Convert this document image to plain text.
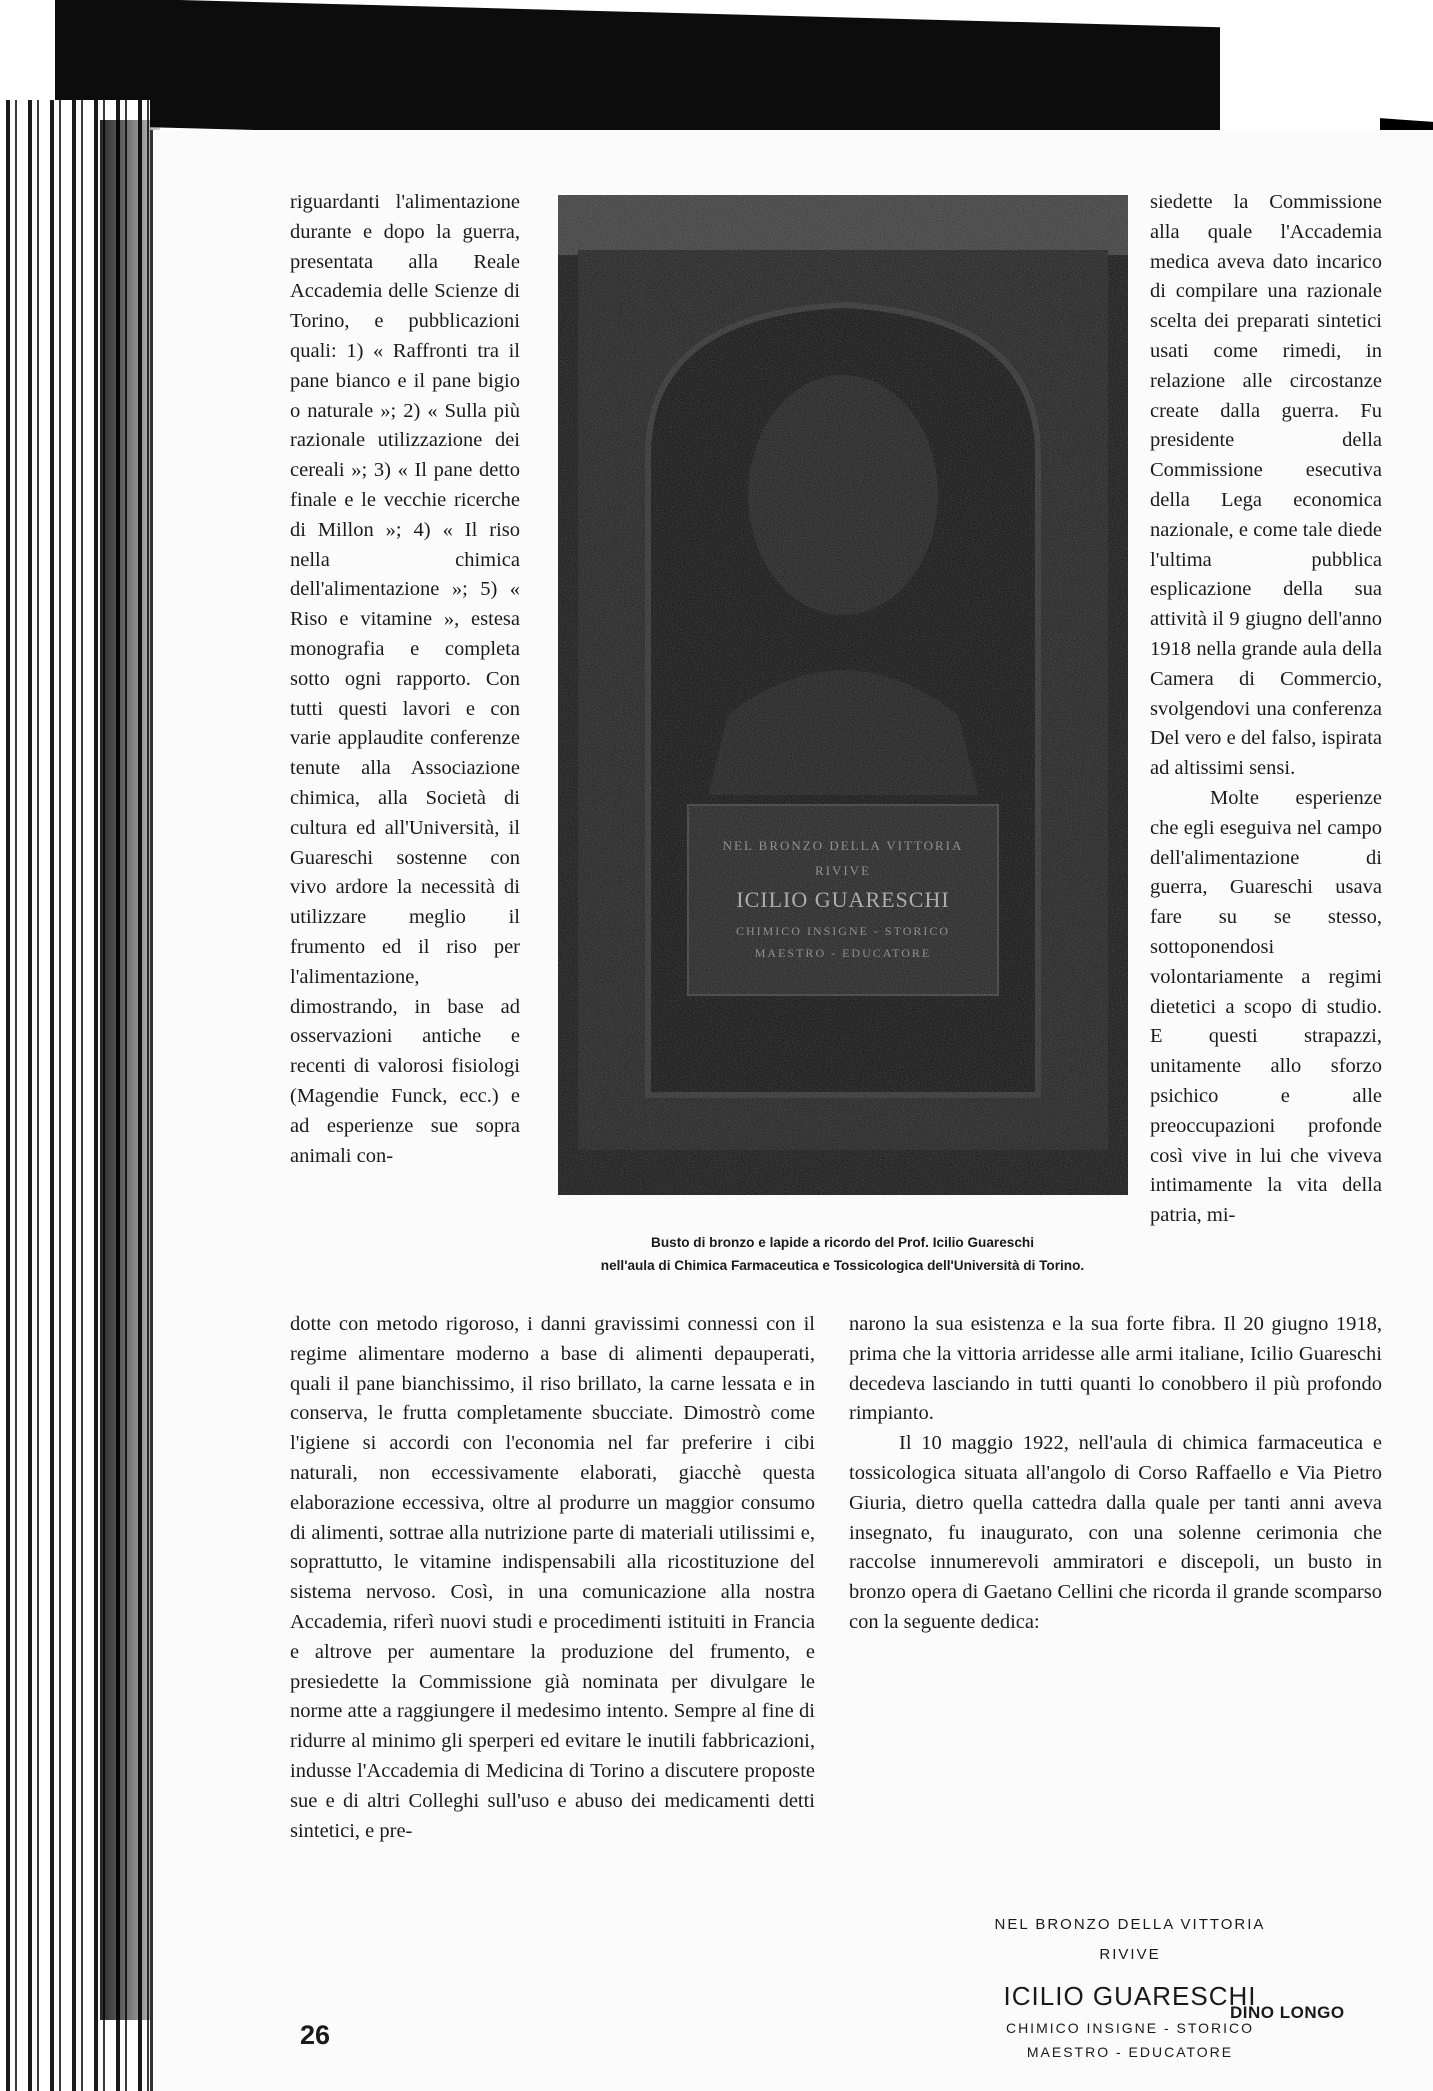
riguardanti l'alimentazione durante e dopo la guerra, presentata alla Reale Accademia delle Scienze di Torino, e pubblicazioni quali: 1) « Raffronti tra il pane bianco e il pane bigio o naturale »; 2) « Sulla più razionale utilizzazione dei cereali »; 3) « Il pane detto finale e le vecchie ricerche di Millon »; 4) « Il riso nella chimica dell'alimentazione »; 5) « Riso e vitamine », estesa monografia e completa sotto ogni rapporto. Con tutti questi lavori e con varie applaudite conferenze tenute alla Associazione chimica, alla Società di cultura ed all'Università, il Guareschi sostenne con vivo ardore la necessità di utilizzare meglio il frumento ed il riso per l'alimentazione, dimostrando, in base ad osservazioni antiche e recenti di valorosi fisiologi (Magendie Funck, ecc.) e ad esperienze sue sopra animali con-

Busto di bronzo e lapide a ricordo del Prof. Icilio Guareschi
nell'aula di Chimica Farmaceutica e Tossicologica dell'Università di Torino.

siedette la Commissione alla quale l'Accademia medica aveva dato incarico di compilare una razionale scelta dei preparati sintetici usati come rimedi, in relazione alle circostanze create dalla guerra. Fu presidente della Commissione esecutiva della Lega economica nazionale, e come tale diede l'ultima pubblica esplicazione della sua attività il 9 giugno dell'anno 1918 nella grande aula della Camera di Commercio, svolgendovi una conferenza Del vero e del falso, ispirata ad altissimi sensi.

Molte esperienze che egli eseguiva nel campo dell'alimentazione di guerra, Guareschi usava fare su se stesso, sottoponendosi volontariamente a regimi dietetici a scopo di studio. E questi strapazzi, unitamente allo sforzo psichico e alle preoccupazioni profonde così vive in lui che viveva intimamente la vita della patria, mi-

dotte con metodo rigoroso, i danni gravissimi connessi con il regime alimentare moderno a base di alimenti depauperati, quali il pane bianchissimo, il riso brillato, la carne lessata e in conserva, le frutta completamente sbucciate. Dimostrò come l'igiene si accordi con l'economia nel far preferire i cibi naturali, non eccessivamente elaborati, giacchè questa elaborazione eccessiva, oltre al produrre un maggior consumo di alimenti, sottrae alla nutrizione parte di materiali utilissimi e, soprattutto, le vitamine indispensabili alla ricostituzione del sistema nervoso. Così, in una comunicazione alla nostra Accademia, riferì nuovi studi e procedimenti istituiti in Francia e altrove per aumentare la produzione del frumento, e presiedette la Commissione già nominata per divulgare le norme atte a raggiungere il medesimo intento. Sempre al fine di ridurre al minimo gli sperperi ed evitare le inutili fabbricazioni, indusse l'Accademia di Medicina di Torino a discutere proposte sue e di altri Colleghi sull'uso e abuso dei medicamenti detti sintetici, e pre-

narono la sua esistenza e la sua forte fibra. Il 20 giugno 1918, prima che la vittoria arridesse alle armi italiane, Icilio Guareschi decedeva lasciando in tutti quanti lo conobbero il più profondo rimpianto.

Il 10 maggio 1922, nell'aula di chimica farmaceutica e tossicologica situata all'angolo di Corso Raffaello e Via Pietro Giuria, dietro quella cattedra dalla quale per tanti anni aveva insegnato, fu inaugurato, con una solenne cerimonia che raccolse innumerevoli ammiratori e discepoli, un busto in bronzo opera di Gaetano Cellini che ricorda il grande scomparso con la seguente dedica:

NEL BRONZO DELLA VITTORIA
RIVIVE
ICILIO GUARESCHI
CHIMICO INSIGNE - STORICO
MAESTRO - EDUCATORE
DINO LONGO
26
